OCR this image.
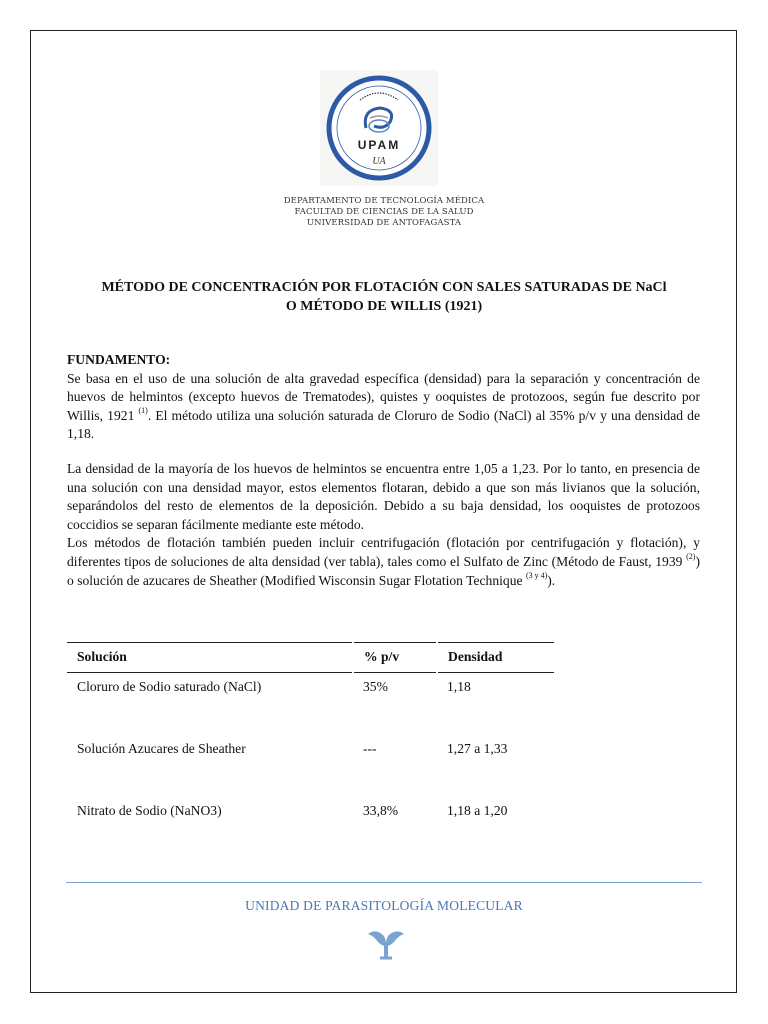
UPAM
UA
DEPARTAMENTO DE TECNOLOGÍA MÉDICA
FACULTAD DE CIENCIAS DE LA SALUD
UNIVERSIDAD DE ANTOFAGASTA
MÉTODO DE CONCENTRACIÓN POR FLOTACIÓN CON SALES SATURADAS DE NaCl
O MÉTODO DE WILLIS (1921)
FUNDAMENTO:
Se basa en el uso de una solución de alta gravedad específica (densidad) para la separación y concentración de huevos de helmintos (excepto huevos de Trematodes), quistes y ooquistes de protozoos, según fue descrito por Willis, 1921 $^{(1)}$. El método utiliza una solución saturada de Cloruro de Sodio (NaCl) al 35% p/v y una densidad de 1,18.
La densidad de la mayoría de los huevos de helmintos se encuentra entre 1,05 a 1,23. Por lo tanto, en presencia de una solución con una densidad mayor, estos elementos flotaran, debido a que son más livianos que la solución, separándolos del resto de elementos de la deposición. Debido a su baja densidad, los ooquistes de protozoos coccidios se separan fácilmente mediante este método.
Los métodos de flotación también pueden incluir centrifugación (flotación por centrifugación y flotación), y diferentes tipos de soluciones de alta densidad (ver tabla), tales como el Sulfato de Zinc (Método de Faust, 1939 $^{(2)}$) o solución de azucares de Sheather (Modified Wisconsin Sugar Flotation Technique $^{(3 y 4)}$).
Solución	% p/v	Densidad
Cloruro de Sodio saturado (NaCl)	35%	1,18
Solución Azucares de Sheather	---	1,27 a 1,33
Nitrato de Sodio (NaNO3)	33,8%	1,18 a 1,20
UNIDAD DE PARASITOLOGÍA MOLECULAR
